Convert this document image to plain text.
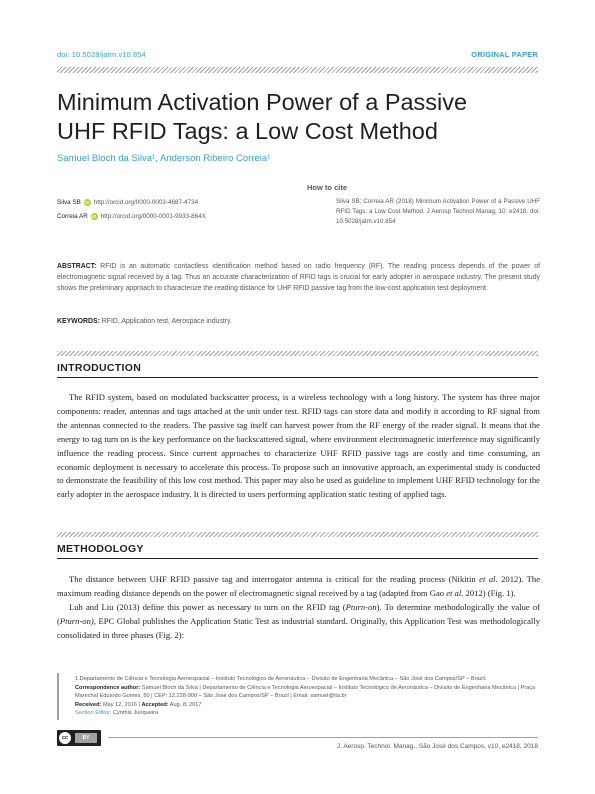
doi: 10.5028/jatm.v10.854	ORIGINAL PAPER
Minimum Activation Power of a Passive
UHF RFID Tags: a Low Cost Method
Samuel Bloch da Silva¹, Anderson Ribeiro Correia¹
Silva SB iD http://orcid.org/0000-0003-4687-4734
Correia AR iD http://orcid.org/0000-0001-9933-864X
How to cite
Silva SB; Correia AR (2018) Minimum Activation Power of a Passive UHF RFID Tags: a Low Cost Method. J Aerosp Technol Manag, 10: e2418. doi: 10.5028/jatm.v10.854
ABSTRACT: RFID is an automatic contactless identification method based on radio frequency (RF). The reading process depends of the power of electromagnetic signal received by a tag. Thus an accurate characterization of RFID tags is crucial for early adopter in aerospace industry. The present study shows the preliminary approach to characterize the reading distance for UHF RFID passive tag from the low-cost application test deployment.
KEYWORDS: RFID, Application test, Aerospace industry.
INTRODUCTION

The RFID system, based on modulated backscatter process, is a wireless technology with a long history. The system has three major components: reader, antennas and tags attached at the unit under test. RFID tags can store data and modify it according to RF signal from the antennas connected to the readers. The passive tag itself can harvest power from the RF energy of the reader signal. It means that the energy to tag turn on is the key performance on the backscattered signal, where environment electromagnetic interference may significantly influence the reading process. Since current approaches to characterize UHF RFID passive tags are costly and time consuming, an economic deployment is necessary to accelerate this process. To propose such an innovative approach, an experimental study is conducted to demonstrate the feasibility of this low cost method. This paper may also be used as guideline to implement UHF RFID technology for the early adopter in the aerospace industry. It is directed to users performing application static testing of applied tags.

METHODOLOGY

The distance between UHF RFID passive tag and interrogator antenna is critical for the reading process (Nikitin et al. 2012). The maximum reading distance depends on the power of electromagnetic signal received by a tag (adapted from Gao et al. 2012) (Fig. 1).

Luh and Liu (2013) define this power as necessary to turn on the RFID tag (Pturn-on). To determine methodologically the value of (Pturn-on), EPC Global publishes the Application Static Test as industrial standard. Originally, this Application Test was methodologically consolidated in three phases (Fig. 2):

1.Departamento de Ciência e Tecnologia Aeroespacial – Instituto Tecnológico de Aeronáutica – Divisão de Engenharia Mecânica – São José dos Campos/SP – Brazil.
Correspondence author: Samuel Bloch da Silva | Departamento de Ciência e Tecnologia Aeroespacial – Instituto Tecnológico de Aeronáutica – Divisão de Engenharia Mecânica | Praça Marechal Eduardo Gomes, 50 | CEP: 12.228-900 – São José dos Campos/SP – Brazil | Email: samuel@ita.br
Received: May 12, 2016 | Accepted: Aug. 8, 2017
Section Editor: Cynthia Junqueira
cc	BY
J. Aerosp. Technol. Manag., São José dos Campos, v10, e2418, 2018
